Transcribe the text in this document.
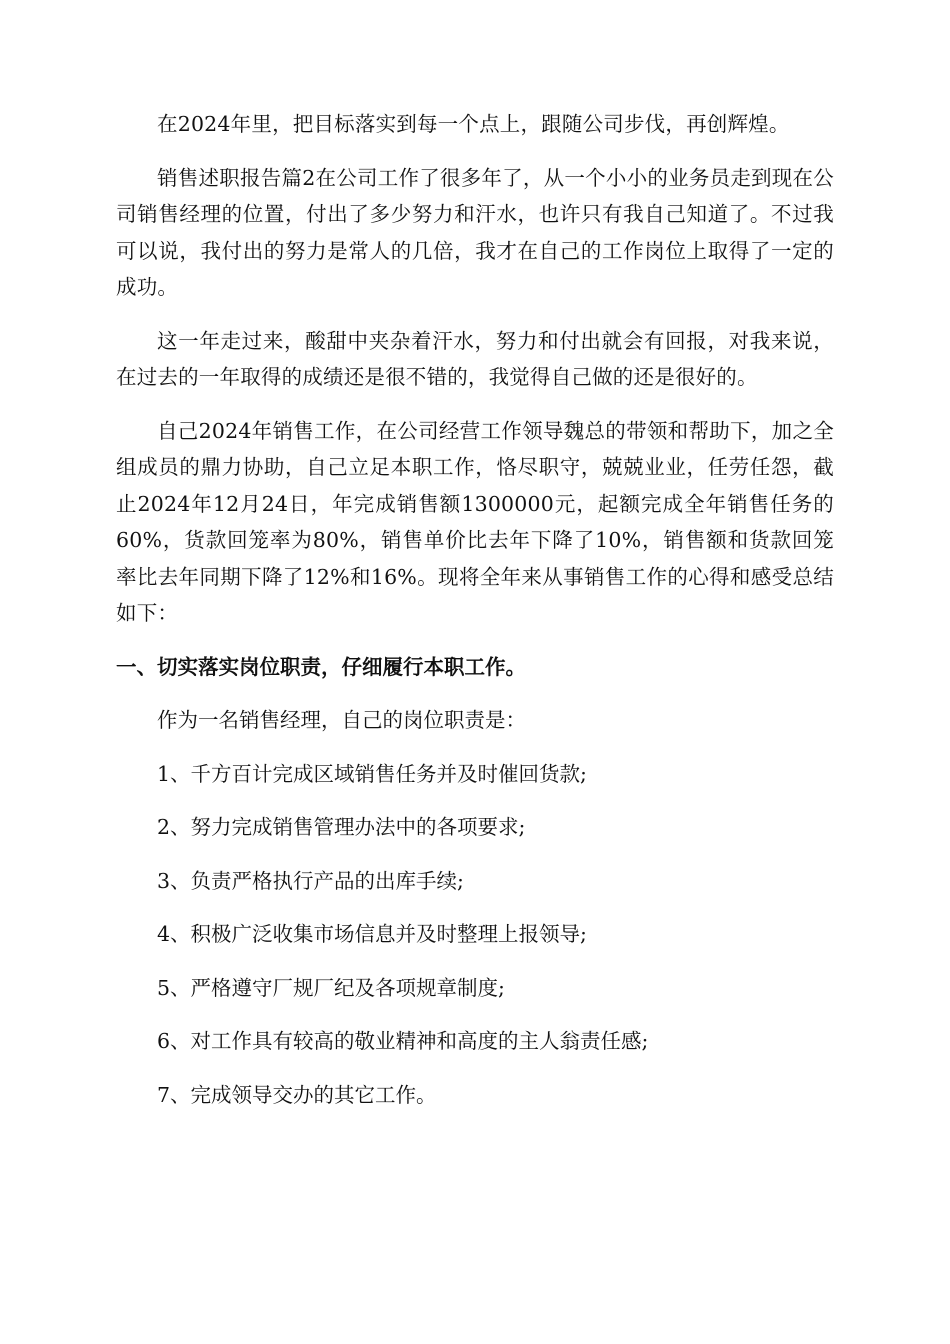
在2024年里，把目标落实到每一个点上，跟随公司步伐，再创辉煌。

销售述职报告篇2在公司工作了很多年了，从一个小小的业务员走到现在公司销售经理的位置，付出了多少努力和汗水，也许只有我自己知道了。不过我可以说，我付出的努力是常人的几倍，我才在自己的工作岗位上取得了一定的成功。

这一年走过来，酸甜中夹杂着汗水，努力和付出就会有回报，对我来说，在过去的一年取得的成绩还是很不错的，我觉得自己做的还是很好的。

自己2024年销售工作，在公司经营工作领导魏总的带领和帮助下，加之全组成员的鼎力协助，自己立足本职工作，恪尽职守，兢兢业业，任劳任怨，截止2024年12月24日，年完成销售额1300000元，起额完成全年销售任务的60%，货款回笼率为80%，销售单价比去年下降了10%，销售额和货款回笼率比去年同期下降了12%和16%。现将全年来从事销售工作的心得和感受总结如下：

一、切实落实岗位职责，仔细履行本职工作。

作为一名销售经理，自己的岗位职责是：

1、千方百计完成区域销售任务并及时催回货款;

2、努力完成销售管理办法中的各项要求;

3、负责严格执行产品的出库手续;

4、积极广泛收集市场信息并及时整理上报领导;

5、严格遵守厂规厂纪及各项规章制度;

6、对工作具有较高的敬业精神和高度的主人翁责任感;

7、完成领导交办的其它工作。
